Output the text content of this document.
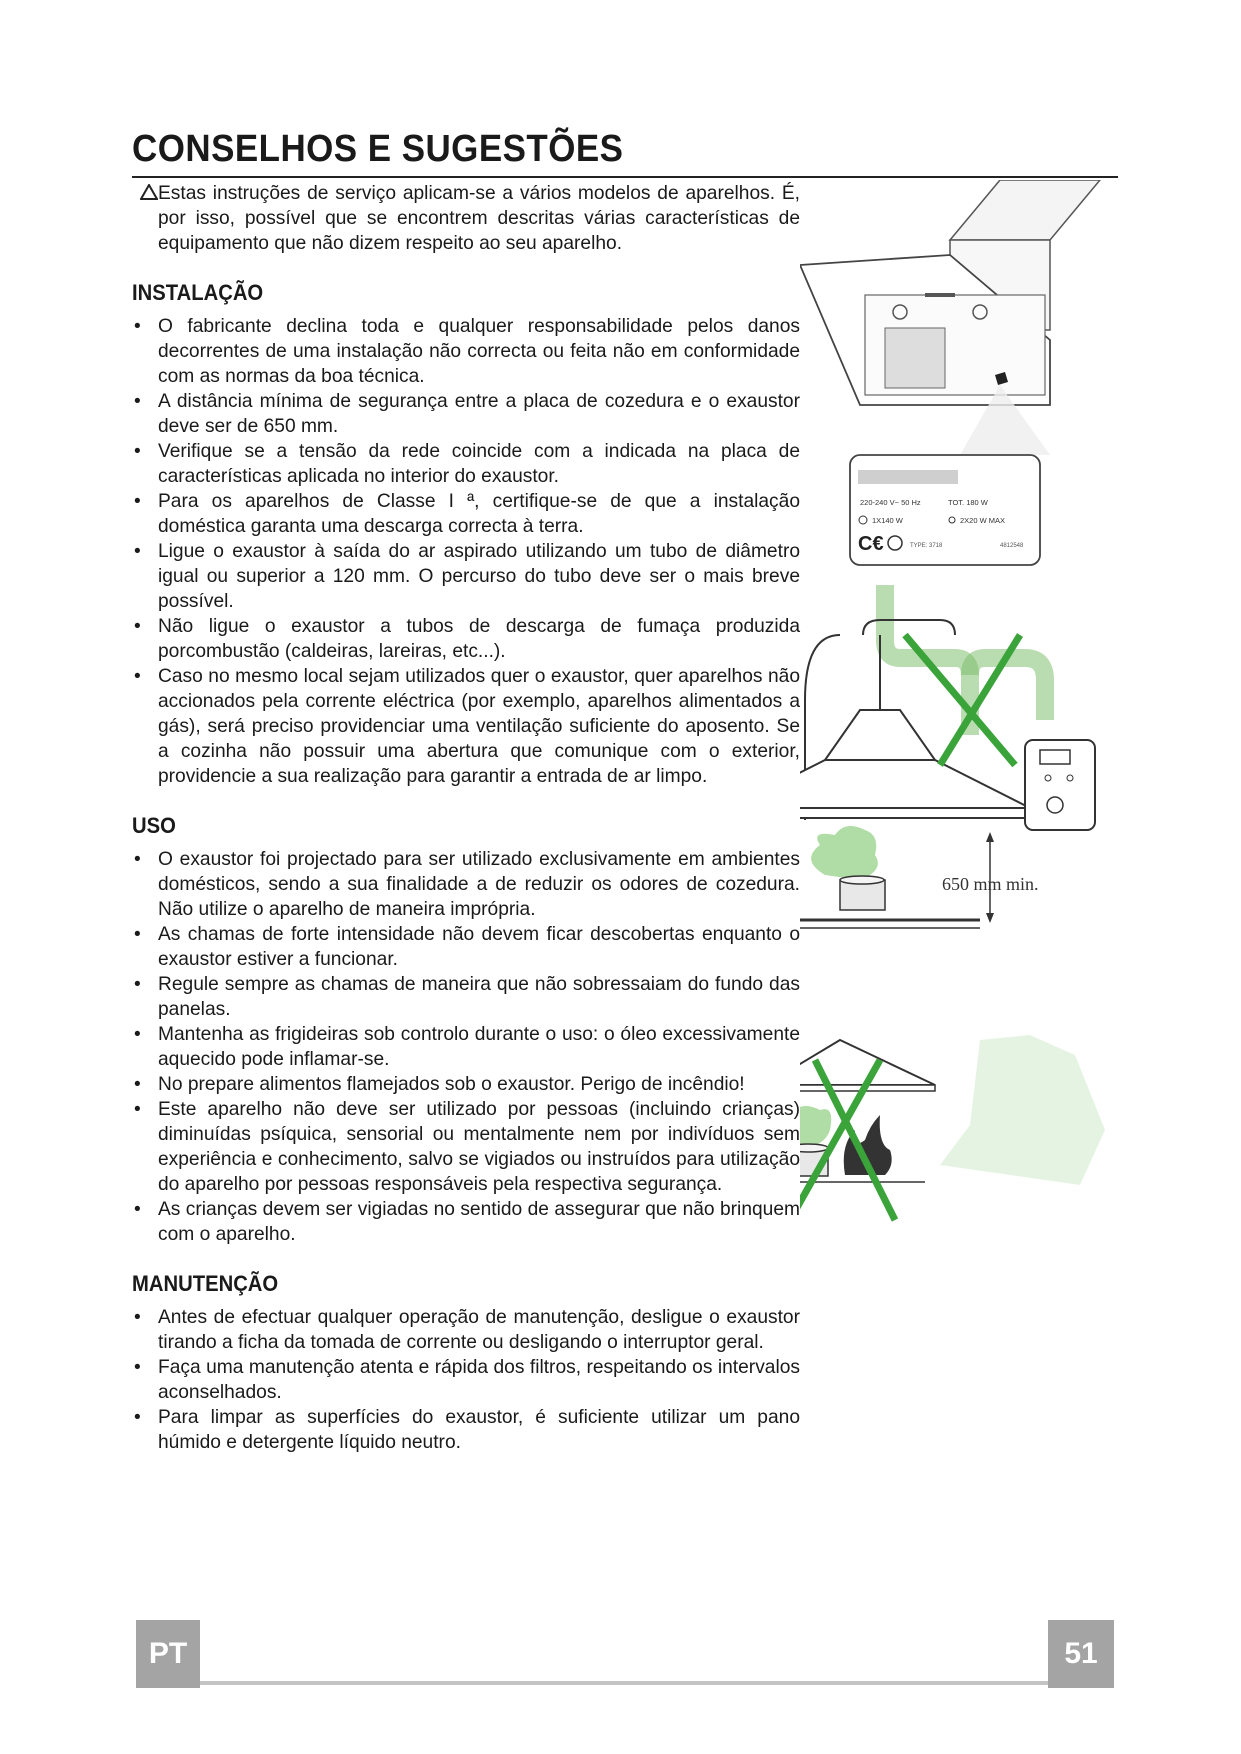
CONSELHOS E SUGESTÕES

Estas instruções de serviço aplicam-se a vários modelos de aparelhos. É, por isso, possível que se encontrem descritas várias características de equipamento que não dizem respeito ao seu aparelho.

INSTALAÇÃO
• O fabricante declina toda e qualquer responsabilidade pelos danos decorrentes de uma instalação não correcta ou feita não em conformidade com as normas da boa técnica.
• A distância mínima de segurança entre a placa de cozedura e o exaustor deve ser de 650 mm.
• Verifique se a tensão da rede coincide com a indicada na placa de características aplicada no interior do exaustor.
• Para os aparelhos de Classe I ª, certifique-se de que a instalação doméstica garanta uma descarga correcta à terra.
• Ligue o exaustor à saída do ar aspirado utilizando um tubo de diâmetro igual ou superior a 120 mm. O percurso do tubo deve ser o mais breve possível.
• Não ligue o exaustor a tubos de descarga de fumaça produzida porcombustão (caldeiras, lareiras, etc...).
• Caso no mesmo local sejam utilizados quer o exaustor, quer aparelhos não accionados pela corrente eléctrica (por exemplo, aparelhos alimentados a gás), será preciso providenciar uma ventilação suficiente do aposento. Se a cozinha não possuir uma abertura que comunique com o exterior, providencie a sua realização para garantir a entrada de ar limpo.
USO
• O exaustor foi projectado para ser utilizado exclusivamente em ambientes domésticos, sendo a sua finalidade a de reduzir os odores de cozedura. Não utilize o aparelho de maneira imprópria.
• As chamas de forte intensidade não devem ficar descobertas enquanto o exaustor estiver a funcionar.
• Regule sempre as chamas de maneira que não sobressaiam do fundo das panelas.
• Mantenha as frigideiras sob controlo durante o uso: o óleo excessivamente aquecido pode inflamar-se.
• No prepare alimentos flamejados sob o exaustor. Perigo de incêndio!
• Este aparelho não deve ser utilizado por pessoas (incluindo crianças) diminuídas psíquica, sensorial ou mentalmente nem por indivíduos sem experiência e conhecimento, salvo se vigiados ou instruídos para utilização do aparelho por pessoas responsáveis pela respectiva segurança.
• As crianças devem ser vigiadas no sentido de assegurar que não brinquem com o aparelho.
MANUTENÇÃO
• Antes de efectuar qualquer operação de manutenção, desligue o exaustor tirando a ficha da tomada de corrente ou desligando o interruptor geral.
• Faça uma manutenção atenta e rápida dos filtros, respeitando os intervalos aconselhados.
• Para limpar as superfícies do exaustor, é suficiente utilizar um pano húmido e detergente líquido neutro.
220-240 V~ 50 Hz	TOT. 180 W
1X140 W	2X20 W MAX
C€	TYPE: 3718	4812548
650 mm min.
PT	51
